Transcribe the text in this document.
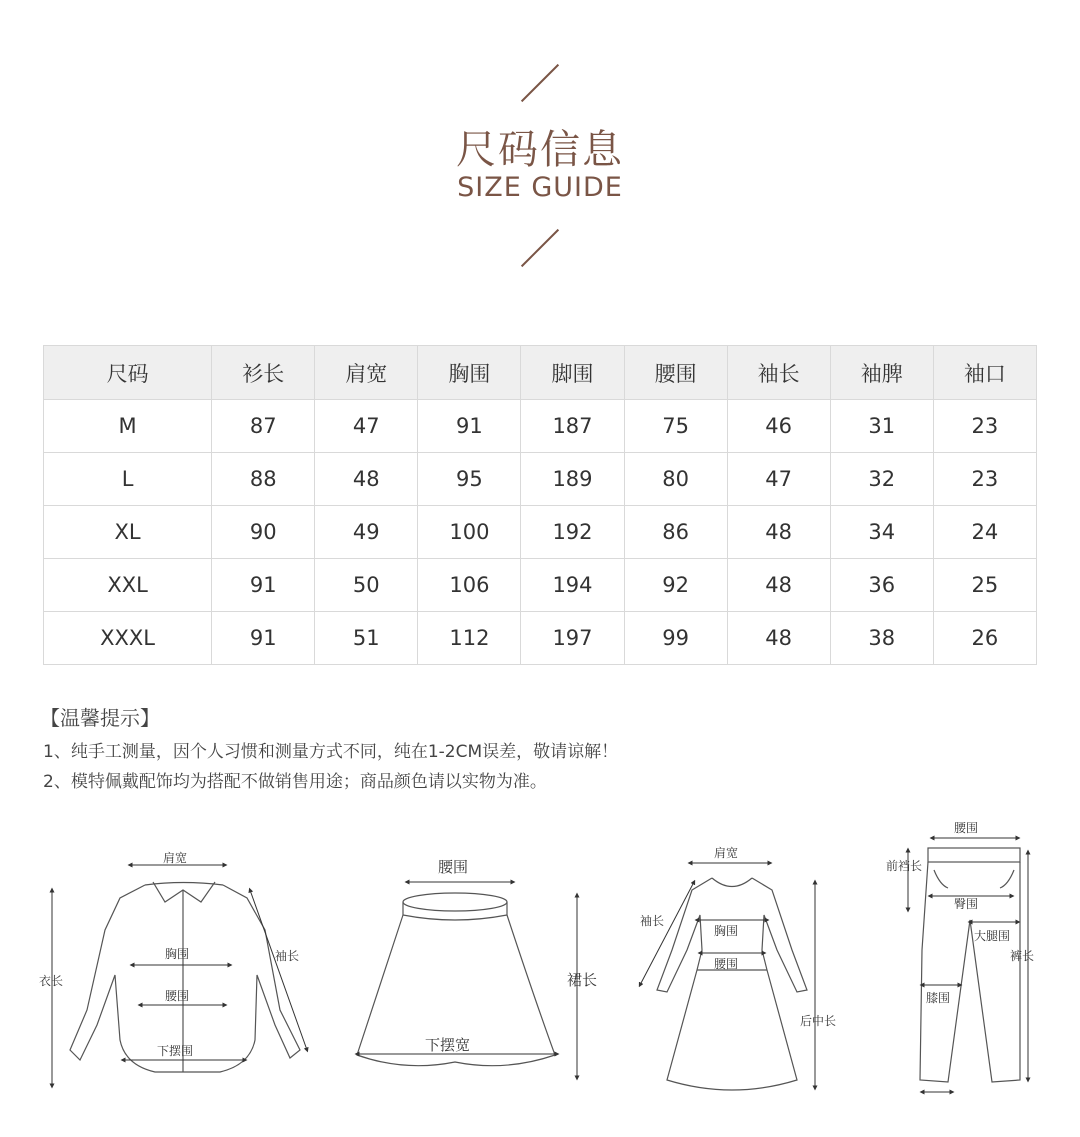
尺码信息
SIZE GUIDE
尺码	衫长	肩宽	胸围	脚围	腰围	袖长	袖脾	袖口
M	87	47	91	187	75	46	31	23
L	88	48	95	189	80	47	32	23
XL	90	49	100	192	86	48	34	24
XXL	91	50	106	194	92	48	36	25
XXXL	91	51	112	197	99	48	38	26
【温馨提示】
1、纯手工测量，因个人习惯和测量方式不同，纯在1-2CM误差，敬请谅解！
2、模特佩戴配饰均为搭配不做销售用途；商品颜色请以实物为准。
肩宽
胸围
腰围
下摆围
衣长
袖长
腰围
下摆宽
裙长
肩宽
袖长
胸围
腰围
后中长
腰围
前裆长
臀围
大腿围
裤长
膝围
